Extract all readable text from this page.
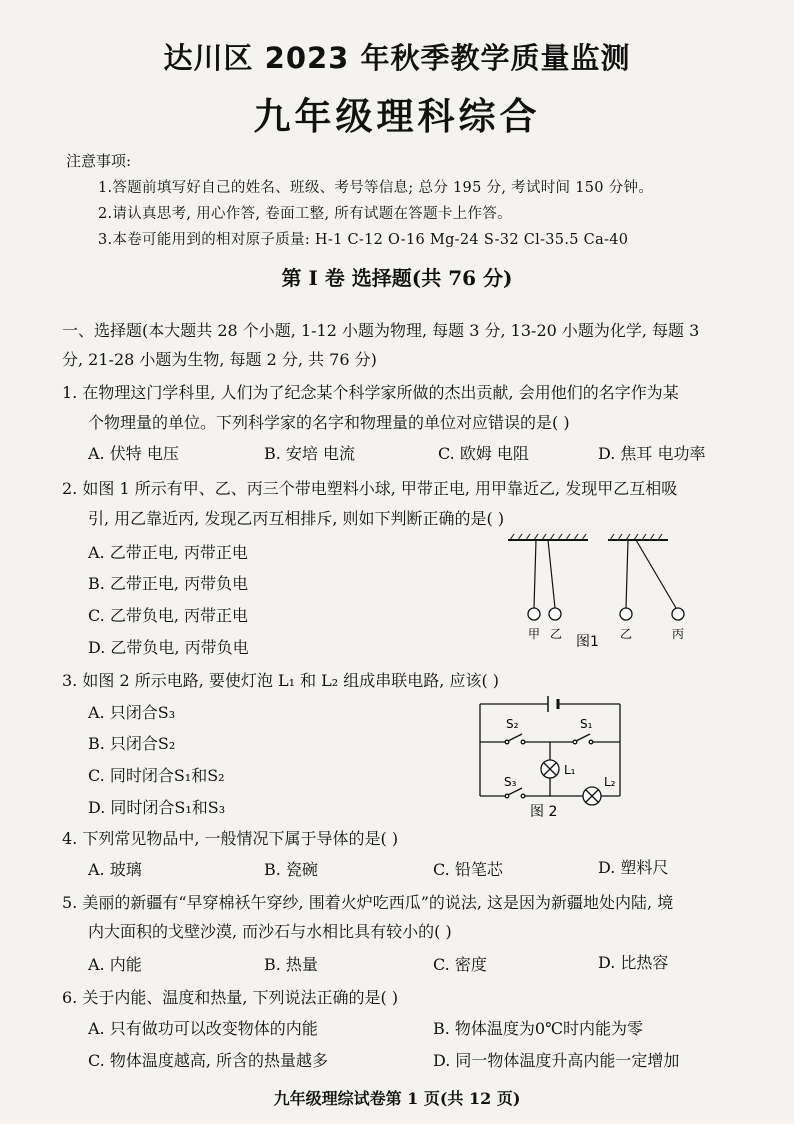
达川区 2023 年秋季教学质量监测
九年级理科综合
注意事项:
1.答题前填写好自己的姓名、班级、考号等信息; 总分 195 分, 考试时间 150 分钟。
2.请认真思考, 用心作答, 卷面工整, 所有试题在答题卡上作答。
3.本卷可能用到的相对原子质量: H-1 C-12 O-16 Mg-24 S-32 Cl-35.5 Ca-40
第 I 卷 选择题(共 76 分)
一、选择题(本大题共 28 个小题, 1-12 小题为物理, 每题 3 分, 13-20 小题为化学, 每题 3
分, 21-28 小题为生物, 每题 2 分, 共 76 分)
1. 在物理这门学科里, 人们为了纪念某个科学家所做的杰出贡献, 会用他们的名字作为某
个物理量的单位。下列科学家的名字和物理量的单位对应错误的是( )
A. 伏特 电压	B. 安培 电流	C. 欧姆 电阻	D. 焦耳 电功率
2. 如图 1 所示有甲、乙、丙三个带电塑料小球, 甲带正电, 用甲靠近乙, 发现甲乙互相吸
引, 用乙靠近丙, 发现乙丙互相排斥, 则如下判断正确的是( )
A. 乙带正电, 丙带正电
B. 乙带正电, 丙带负电
C. 乙带负电, 丙带正电
D. 乙带负电, 丙带负电
甲 乙	乙	丙
图1
3. 如图 2 所示电路, 要使灯泡 L₁ 和 L₂ 组成串联电路, 应该( )
A. 只闭合S₃
B. 只闭合S₂
C. 同时闭合S₁和S₂
D. 同时闭合S₁和S₃
S₂	S₁
L₁
L₂
S₃
图 2
4. 下列常见物品中, 一般情况下属于导体的是( )
A. 玻璃	B. 瓷碗	C. 铅笔芯	D. 塑料尺
5. 美丽的新疆有“早穿棉袄午穿纱, 围着火炉吃西瓜”的说法, 这是因为新疆地处内陆, 境
内大面积的戈壁沙漠, 而沙石与水相比具有较小的( )
A. 内能	B. 热量	C. 密度	D. 比热容
6. 关于内能、温度和热量, 下列说法正确的是( )
A. 只有做功可以改变物体的内能	B. 物体温度为0℃时内能为零
C. 物体温度越高, 所含的热量越多	D. 同一物体温度升高内能一定增加
九年级理综试卷第 1 页(共 12 页)
